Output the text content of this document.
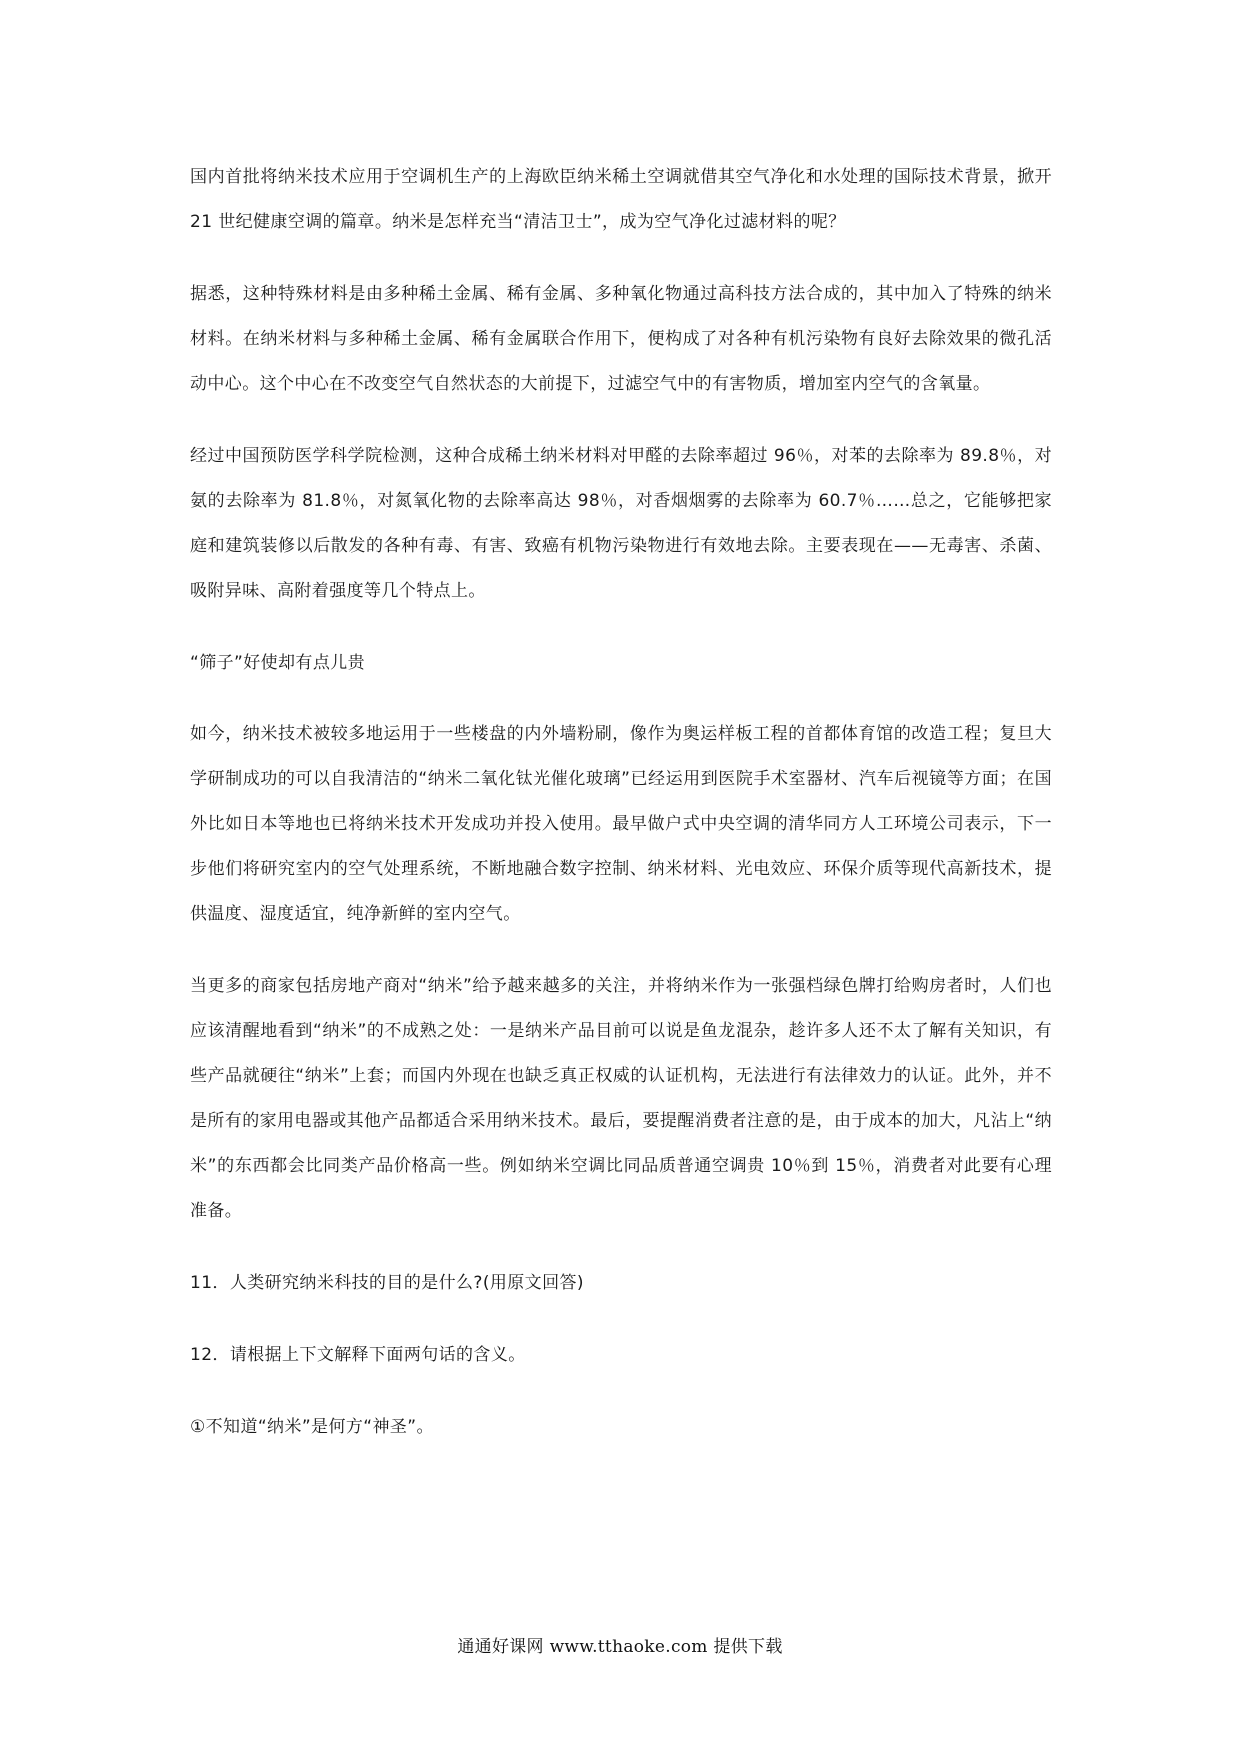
国内首批将纳米技术应用于空调机生产的上海欧臣纳米稀土空调就借其空气净化和水处理的国际技术背景，掀开 21 世纪健康空调的篇章。纳米是怎样充当“清洁卫士”，成为空气净化过滤材料的呢？

据悉，这种特殊材料是由多种稀土金属、稀有金属、多种氧化物通过高科技方法合成的，其中加入了特殊的纳米材料。在纳米材料与多种稀土金属、稀有金属联合作用下，便构成了对各种有机污染物有良好去除效果的微孔活动中心。这个中心在不改变空气自然状态的大前提下，过滤空气中的有害物质，增加室内空气的含氧量。

经过中国预防医学科学院检测，这种合成稀土纳米材料对甲醛的去除率超过 96％，对苯的去除率为 89.8％，对氨的去除率为 81.8％，对氮氧化物的去除率高达 98％，对香烟烟雾的去除率为 60.7％……总之，它能够把家庭和建筑装修以后散发的各种有毒、有害、致癌有机物污染物进行有效地去除。主要表现在——无毒害、杀菌、吸附异味、高附着强度等几个特点上。

“筛子”好使却有点儿贵

如今，纳米技术被较多地运用于一些楼盘的内外墙粉刷，像作为奥运样板工程的首都体育馆的改造工程；复旦大学研制成功的可以自我清洁的“纳米二氧化钛光催化玻璃”已经运用到医院手术室器材、汽车后视镜等方面；在国外比如日本等地也已将纳米技术开发成功并投入使用。最早做户式中央空调的清华同方人工环境公司表示，下一步他们将研究室内的空气处理系统，不断地融合数字控制、纳米材料、光电效应、环保介质等现代高新技术，提供温度、湿度适宜，纯净新鲜的室内空气。

当更多的商家包括房地产商对“纳米”给予越来越多的关注，并将纳米作为一张强档绿色牌打给购房者时，人们也应该清醒地看到“纳米”的不成熟之处：一是纳米产品目前可以说是鱼龙混杂，趁许多人还不太了解有关知识，有些产品就硬往“纳米”上套；而国内外现在也缺乏真正权威的认证机构，无法进行有法律效力的认证。此外，并不是所有的家用电器或其他产品都适合采用纳米技术。最后，要提醒消费者注意的是，由于成本的加大，凡沾上“纳米”的东西都会比同类产品价格高一些。例如纳米空调比同品质普通空调贵 10％到 15％，消费者对此要有心理准备。

11．人类研究纳米科技的目的是什么?(用原文回答)

12．请根据上下文解释下面两句话的含义。

①不知道“纳米”是何方“神圣”。

通通好课网 www.tthaoke.com 提供下载
